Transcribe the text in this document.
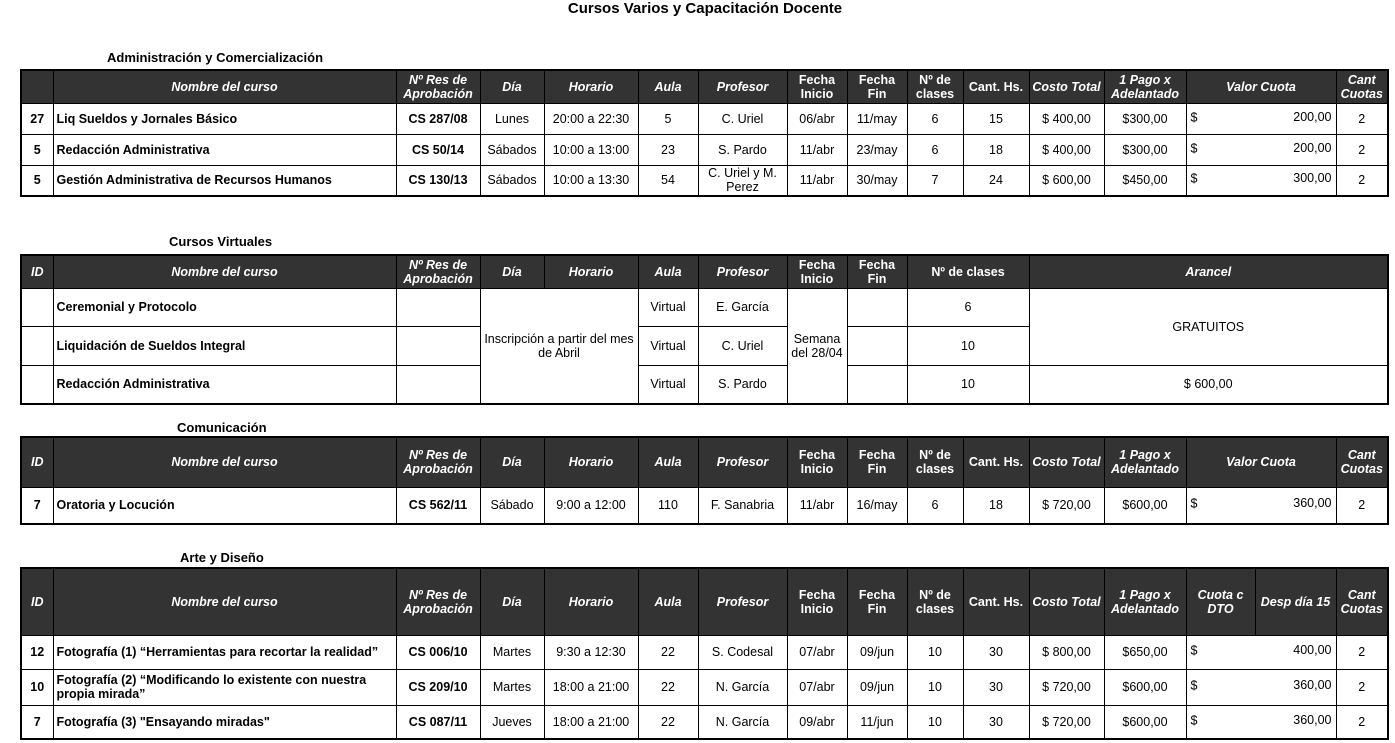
Cursos Varios y Capacitación Docente
Administración y Comercialización
	Nombre del curso	Nº Res de Aprobación	Día	Horario	Aula	Profesor	Fecha Inicio	Fecha Fin	Nº de clases	Cant. Hs.	Costo Total	1 Pago x Adelantado	Valor Cuota	Cant Cuotas
27	Liq Sueldos y Jornales Básico	CS 287/08	Lunes	20:00 a 22:30	5	C. Uriel	06/abr	11/may	6	15	$ 400,00	$300,00	$ 200,00	2
5	Redacción Administrativa	CS 50/14	Sábados	10:00 a 13:00	23	S. Pardo	11/abr	23/may	6	18	$ 400,00	$300,00	$ 200,00	2
5	Gestión Administrativa de Recursos Humanos	CS 130/13	Sábados	10:00 a 13:30	54	C. Uriel y M. Perez	11/abr	30/may	7	24	$ 600,00	$450,00	$ 300,00	2
Cursos Virtuales
ID	Nombre del curso	Nº Res de Aprobación	Día	Horario	Aula	Profesor	Fecha Inicio	Fecha Fin	Nº de clases	Arancel
	Ceremonial y Protocolo		Inscripción a partir del mes de Abril		Virtual	E. García	Semana del 28/04		6	GRATUITOS
	Liquidación de Sueldos Integral				Virtual	C. Uriel			10	
	Redacción Administrativa				Virtual	S. Pardo			10	$ 600,00
Comunicación
ID	Nombre del curso	Nº Res de Aprobación	Día	Horario	Aula	Profesor	Fecha Inicio	Fecha Fin	Nº de clases	Cant. Hs.	Costo Total	1 Pago x Adelantado	Valor Cuota	Cant Cuotas
7	Oratoria y Locución	CS 562/11	Sábado	9:00 a 12:00	110	F. Sanabria	11/abr	16/may	6	18	$ 720,00	$600,00	$ 360,00	2
Arte y Diseño
ID	Nombre del curso	Nº Res de Aprobación	Día	Horario	Aula	Profesor	Fecha Inicio	Fecha Fin	Nº de clases	Cant. Hs.	Costo Total	1 Pago x Adelantado	Cuota c DTO	Desp día 15	Cant Cuotas
12	Fotografía (1) “Herramientas para recortar la realidad”	CS 006/10	Martes	9:30 a 12:30	22	S. Codesal	07/abr	09/jun	10	30	$ 800,00	$650,00	$ 400,00		2
10	Fotografía (2) “Modificando lo existente con nuestra propia mirada”	CS 209/10	Martes	18:00 a 21:00	22	N. García	07/abr	09/jun	10	30	$ 720,00	$600,00	$ 360,00		2
7	Fotografía (3) "Ensayando miradas"	CS 087/11	Jueves	18:00 a 21:00	22	N. García	09/abr	11/jun	10	30	$ 720,00	$600,00	$ 360,00		2
